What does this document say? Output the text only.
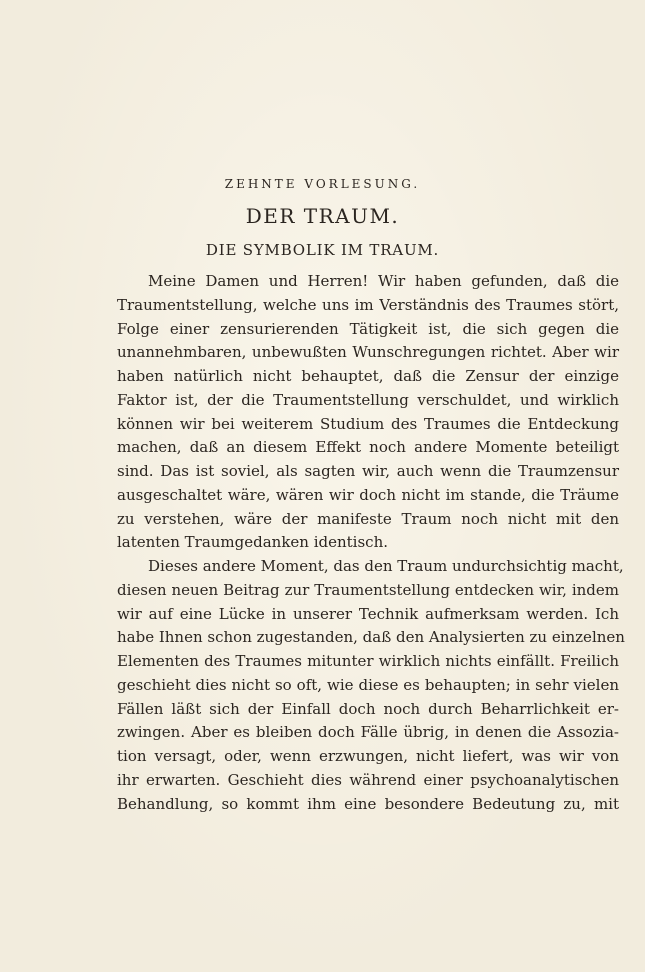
ZEHNTE VORLESUNG.
DER TRAUM.
DIE SYMBOLIK IM TRAUM.
Meine Damen und Herren! Wir haben gefunden, daß die
Traumentstellung, welche uns im Verständnis des Traumes stört,
Folge einer zensurierenden Tätigkeit ist, die sich gegen die
unannehmbaren, unbewußten Wunschregungen richtet. Aber wir
haben natürlich nicht behauptet, daß die Zensur der einzige
Faktor ist, der die Traumentstellung verschuldet, und wirklich
können wir bei weiterem Studium des Traumes die Entdeckung
machen, daß an diesem Effekt noch andere Momente beteiligt
sind. Das ist soviel, als sagten wir, auch wenn die Traumzensur
ausgeschaltet wäre, wären wir doch nicht im stande, die Träume
zu verstehen, wäre der manifeste Traum noch nicht mit den
latenten Traumgedanken identisch.
Dieses andere Moment, das den Traum undurchsichtig macht,
diesen neuen Beitrag zur Traumentstellung entdecken wir, indem
wir auf eine Lücke in unserer Technik aufmerksam werden. Ich
habe Ihnen schon zugestanden, daß den Analysierten zu einzelnen
Elementen des Traumes mitunter wirklich nichts einfällt. Freilich
geschieht dies nicht so oft, wie diese es behaupten; in sehr vielen
Fällen läßt sich der Einfall doch noch durch Beharrlichkeit er-
zwingen. Aber es bleiben doch Fälle übrig, in denen die Assozia-
tion versagt, oder, wenn erzwungen, nicht liefert, was wir von
ihr erwarten. Geschieht dies während einer psychoanalytischen
Behandlung, so kommt ihm eine besondere Bedeutung zu, mit
